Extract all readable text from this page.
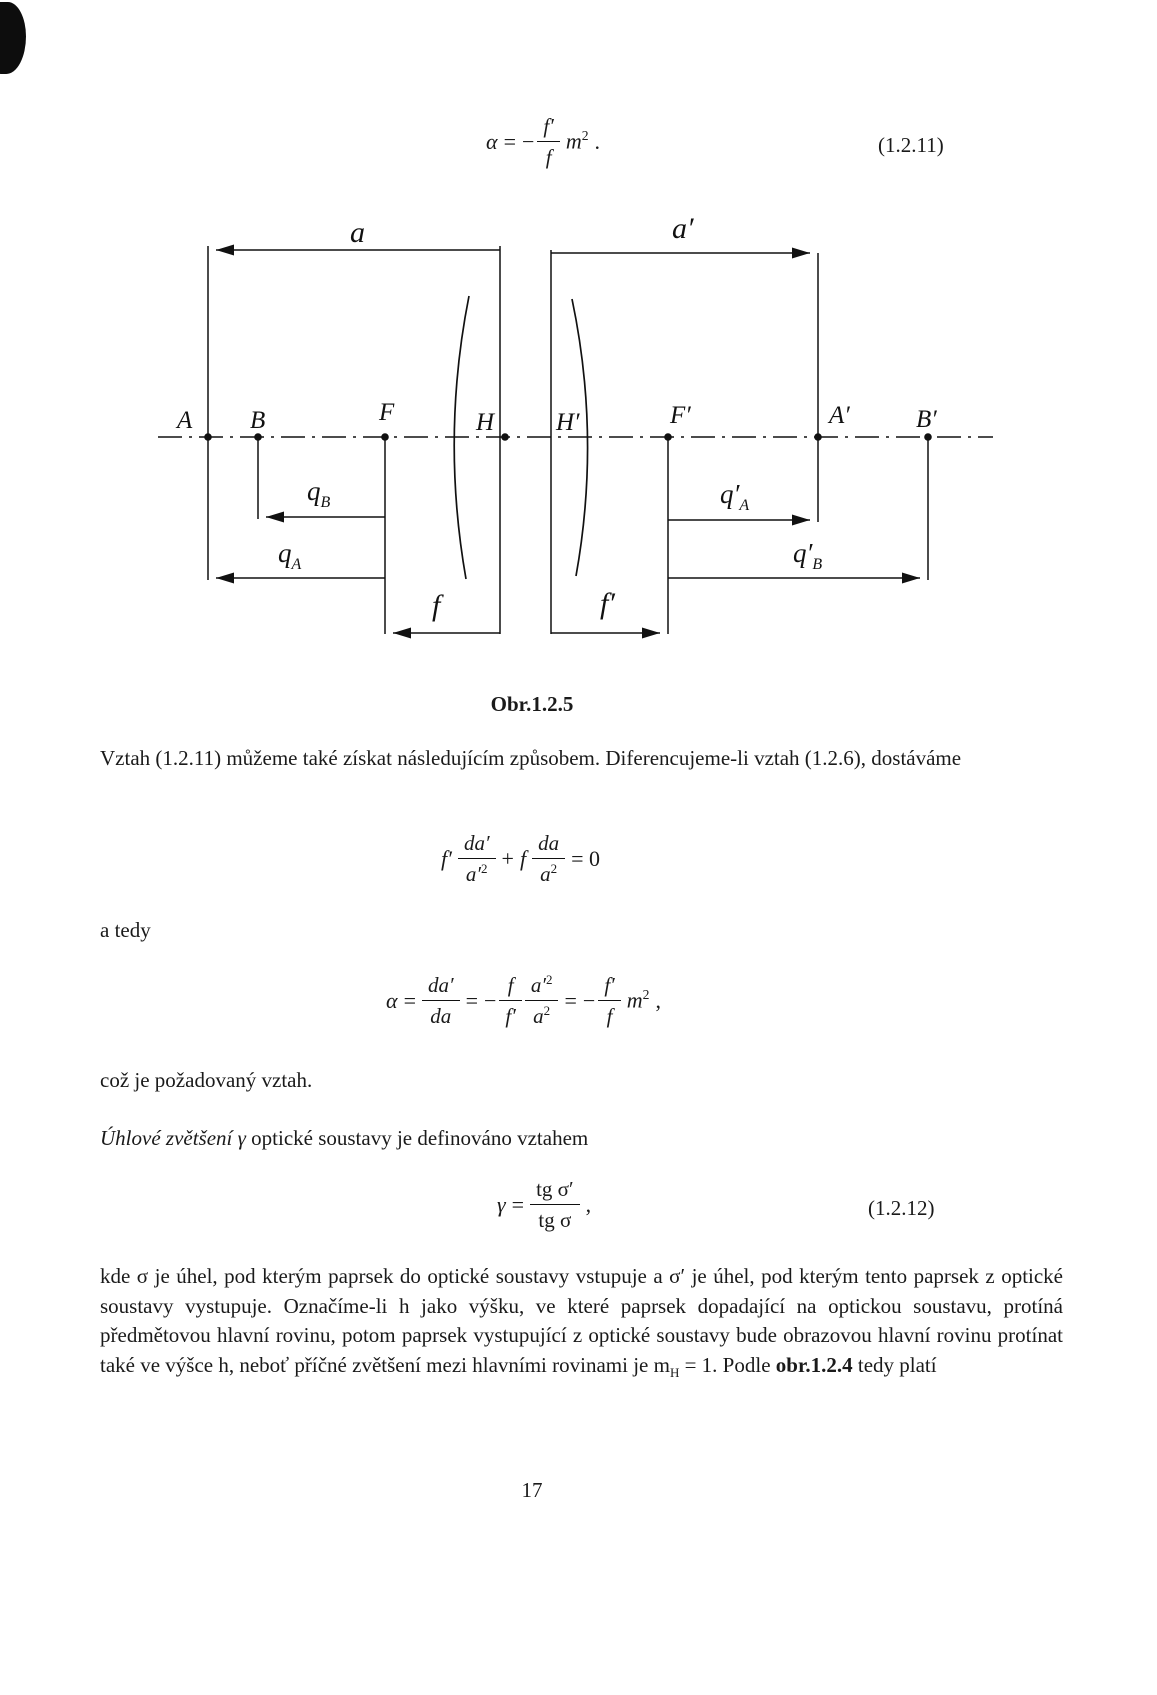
α = − $\frac{f'}{f} m^2$ .	(1.2.11)
a	a′
A B	F	H H′	F′	A′	B′
$q_B$
$q_A$
$q'_A$
$q'_B$
f	f′
Obr.1.2.5

Vztah (1.2.11) můžeme také získat následujícím způsobem. Diferencujeme-li vztah (1.2.6), dostáváme

$f' \frac{da'}{a'^2} + f \frac{da}{a^2} = 0$
a tedy
$\alpha = \frac{da'}{da}$ = − $\frac{f}{f'} \frac{a'^2}{a^2}$ = − $\frac{f'}{f} m^2$ ,
což je požadovaný vztah.
Úhlové zvětšení γ optické soustavy je definováno vztahem
$\gamma = \frac{\text{tg σ′}}{\text{tg σ}}$ ,	(1.2.12)

kde σ je úhel, pod kterým paprsek do optické soustavy vstupuje a σ′ je úhel, pod kterým tento paprsek z optické soustavy vystupuje. Označíme-li h jako výšku, ve které paprsek dopadající na optickou soustavu, protíná předmětovou hlavní rovinu, potom paprsek vystupující z optické soustavy bude obrazovou hlavní rovinu protínat také ve výšce h, neboť příčné zvětšení mezi hlavními rovinami je $m_H = 1$. Podle obr.1.2.4 tedy platí

17
